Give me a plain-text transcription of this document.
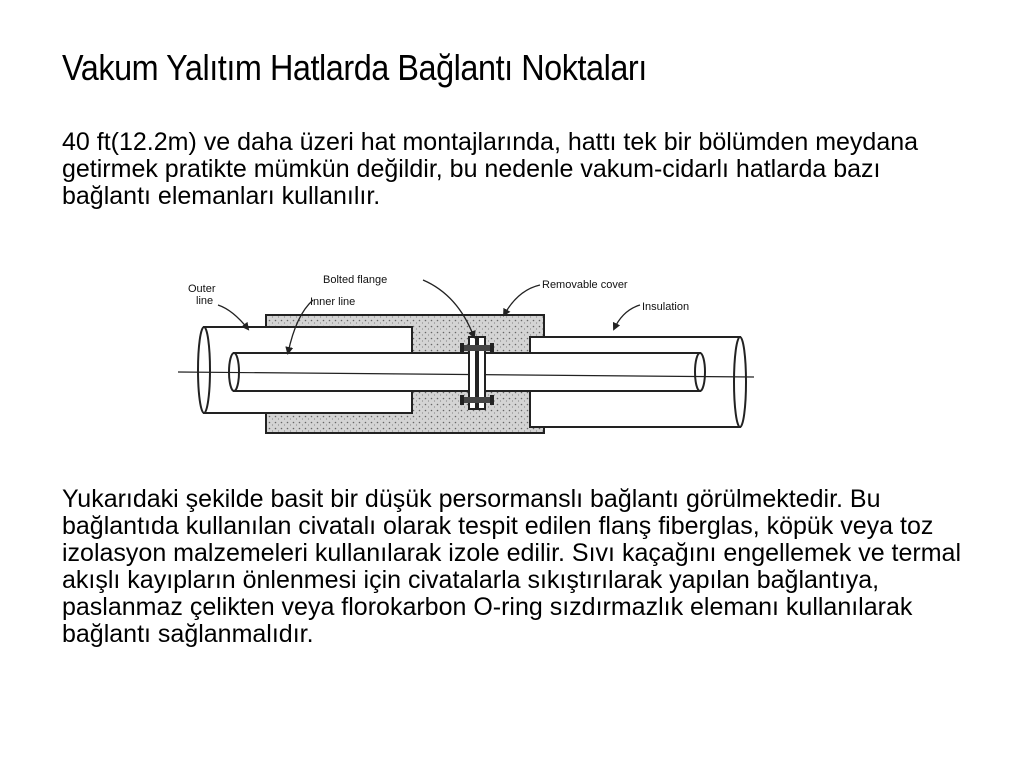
Vakum Yalıtım Hatlarda Bağlantı Noktaları

40 ft(12.2m) ve daha üzeri hat montajlarında, hattı tek bir bölümden meydana getirmek pratikte mümkün değildir, bu nedenle vakum-cidarlı hatlarda bazı bağlantı elemanları kullanılır.

Outer
line	Inner line
Bolted flange	Removable cover
Insulation

Yukarıdaki şekilde basit bir düşük persormanslı bağlantı görülmektedir. Bu bağlantıda kullanılan civatalı olarak tespit edilen flanş fiberglas, köpük veya toz izolasyon malzemeleri kullanılarak izole edilir. Sıvı kaçağını engellemek ve termal akışlı kayıpların önlenmesi için civatalarla sıkıştırılarak yapılan bağlantıya, paslanmaz çelikten veya florokarbon O-ring sızdırmazlık elemanı kullanılarak bağlantı sağlanmalıdır.
